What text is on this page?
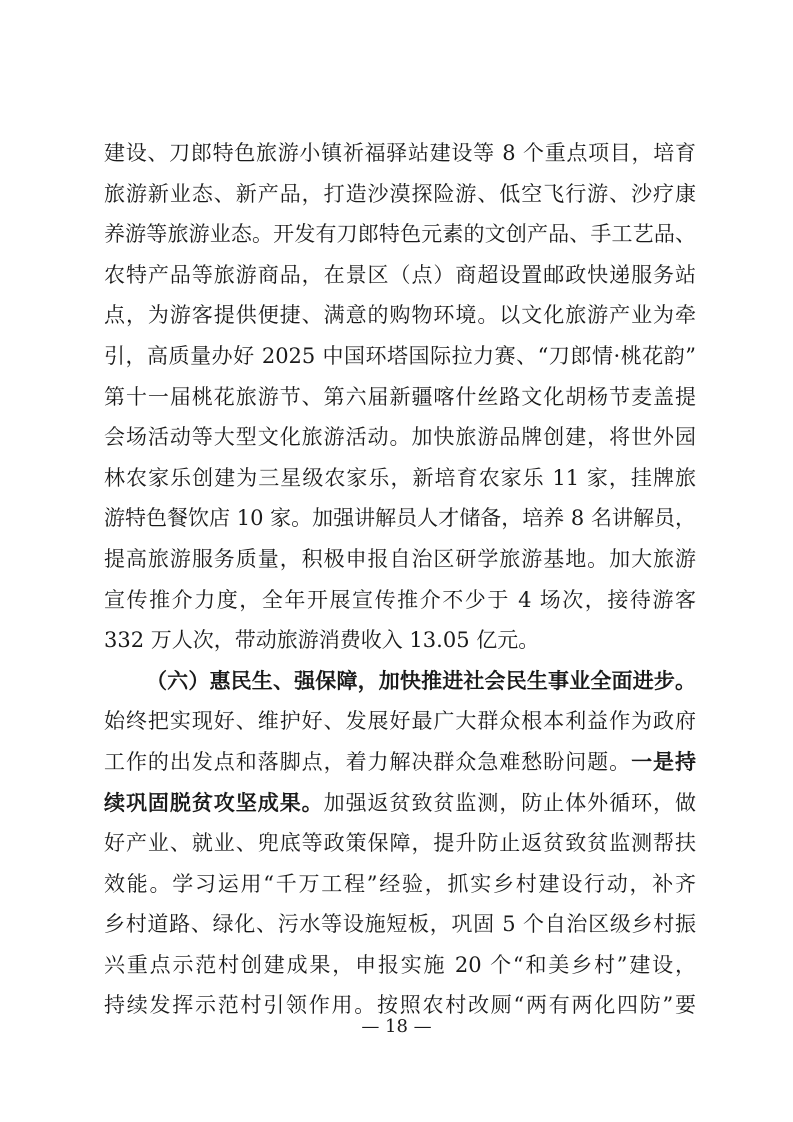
建设、刀郎特色旅游小镇祈福驿站建设等 8 个重点项目，培育
旅游新业态、新产品，打造沙漠探险游、低空飞行游、沙疗康
养游等旅游业态。开发有刀郎特色元素的文创产品、手工艺品、
农特产品等旅游商品，在景区（点）商超设置邮政快递服务站
点，为游客提供便捷、满意的购物环境。以文化旅游产业为牵
引，高质量办好 2025 中国环塔国际拉力赛、“刀郎情·桃花韵”
第十一届桃花旅游节、第六届新疆喀什丝路文化胡杨节麦盖提
会场活动等大型文化旅游活动。加快旅游品牌创建，将世外园
林农家乐创建为三星级农家乐，新培育农家乐 11 家，挂牌旅
游特色餐饮店 10 家。加强讲解员人才储备，培养 8 名讲解员，
提高旅游服务质量，积极申报自治区研学旅游基地。加大旅游
宣传推介力度，全年开展宣传推介不少于 4 场次，接待游客
332 万人次，带动旅游消费收入 13.05 亿元。
（六）惠民生、强保障，加快推进社会民生事业全面进步。
始终把实现好、维护好、发展好最广大群众根本利益作为政府
工作的出发点和落脚点，着力解决群众急难愁盼问题。一是持
续巩固脱贫攻坚成果。加强返贫致贫监测，防止体外循环，做
好产业、就业、兜底等政策保障，提升防止返贫致贫监测帮扶
效能。学习运用“千万工程”经验，抓实乡村建设行动，补齐
乡村道路、绿化、污水等设施短板，巩固 5 个自治区级乡村振
兴重点示范村创建成果，申报实施 20 个“和美乡村”建设，
持续发挥示范村引领作用。按照农村改厕“两有两化四防”要
— 18 —
